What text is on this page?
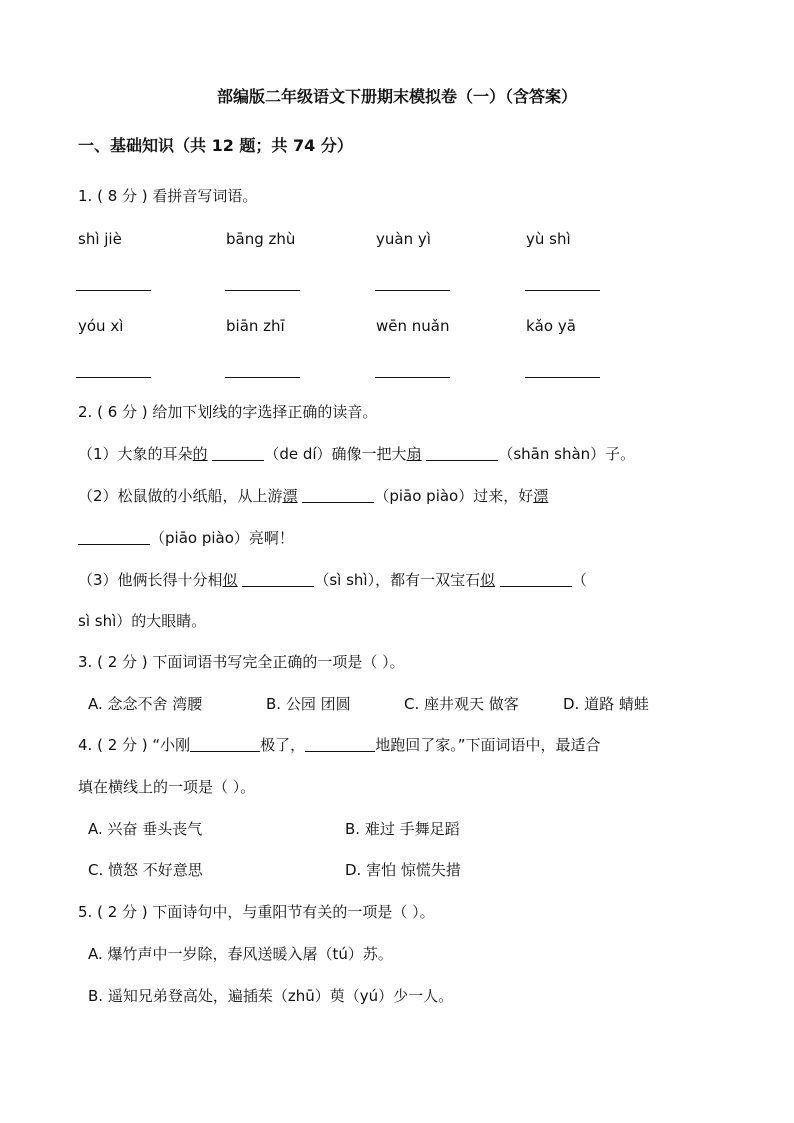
部编版二年级语文下册期末模拟卷（一）（含答案）
一、基础知识（共 12 题；共 74 分）
1. ( 8 分 ) 看拼音写词语。
shì jiè	bāng zhù	yuàn yì	yù shì
yóu xì	biān zhī	wēn nuǎn	kǎo yā
2. ( 6 分 ) 给加下划线的字选择正确的读音。
（1）大象的耳朵的	（de dí）确像一把大扇	（shān shàn）子。
（2）松鼠做的小纸船，从上游漂	（piāo piào）过来，好漂
（piāo piào）亮啊！
（3）他俩长得十分相似	（sì shì），都有一双宝石似	（
sì shì）的大眼睛。
3. ( 2 分 ) 下面词语书写完全正确的一项是（ ）。
A. 念念不舍 湾腰	B. 公园 团圆	C. 座井观天 做客	D. 道路 蜻蛙
4. ( 2 分 ) “小刚	极了，	地跑回了家。”下面词语中，最适合
填在横线上的一项是（ ）。
A. 兴奋 垂头丧气	B. 难过 手舞足蹈
C. 愤怒 不好意思	D. 害怕 惊慌失措
5. ( 2 分 ) 下面诗句中，与重阳节有关的一项是（ ）。
A. 爆竹声中一岁除，春风送暖入屠（tú）苏。
B. 遥知兄弟登高处，遍插茱（zhū）萸（yú）少一人。
